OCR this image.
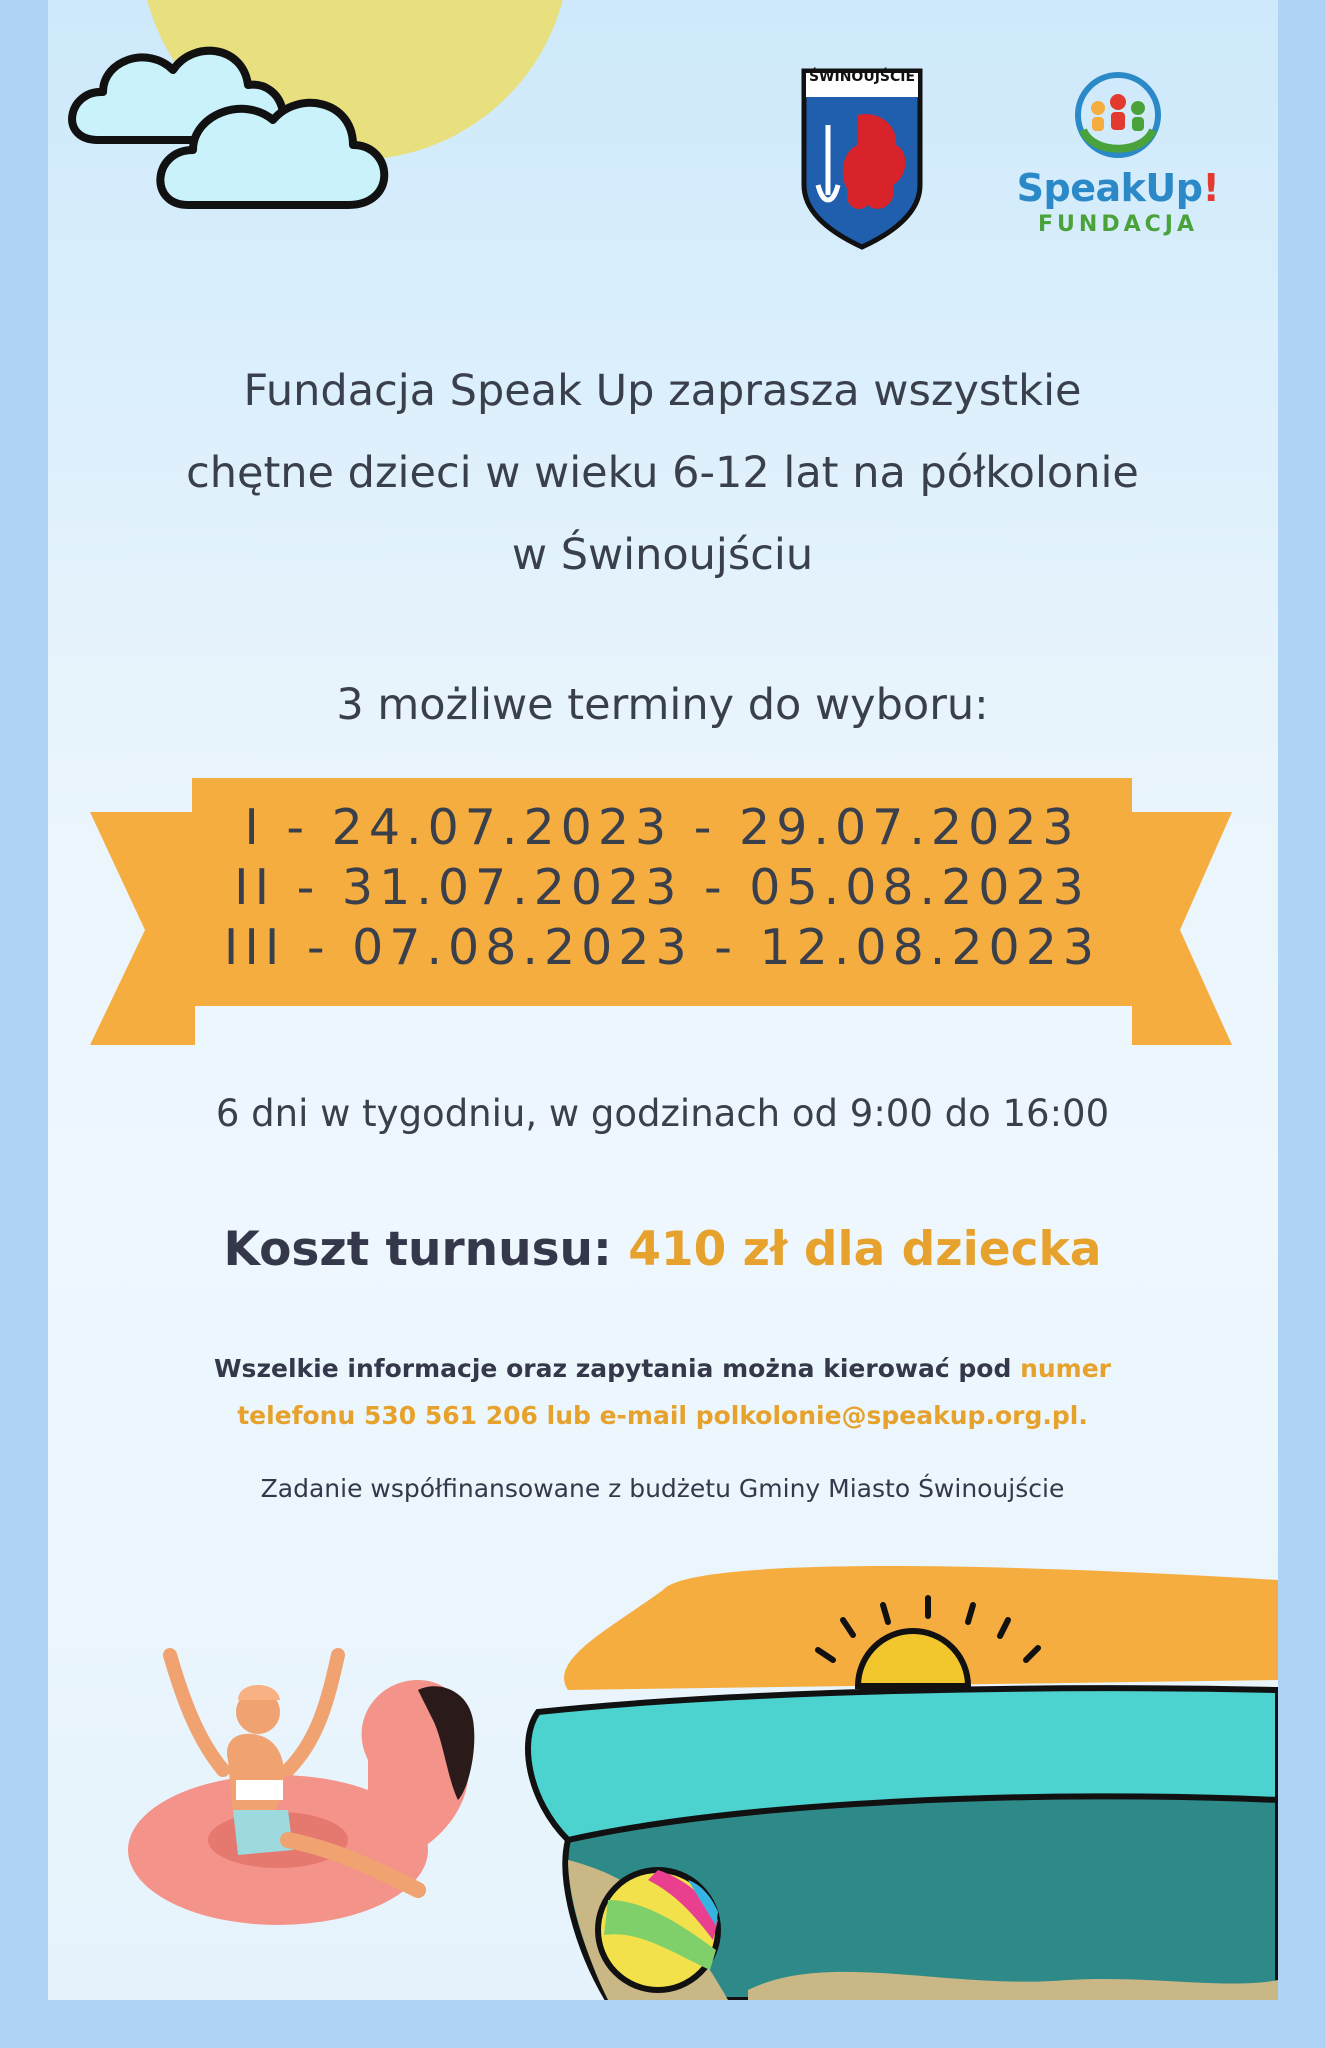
ŚWINOUJŚCIE
SpeakUp!
FUNDACJA
Fundacja Speak Up zaprasza wszystkie
chętne dzieci w wieku 6-12 lat na półkolonie
w Świnoujściu
3 możliwe terminy do wyboru:
I - 24.07.2023 - 29.07.2023
II - 31.07.2023 - 05.08.2023
III - 07.08.2023 - 12.08.2023
6 dni w tygodniu, w godzinach od 9:00 do 16:00
Koszt turnusu: 410 zł dla dziecka
Wszelkie informacje oraz zapytania można kierować pod numer
telefonu 530 561 206 lub e-mail polkolonie@speakup.org.pl.
Zadanie współfinansowane z budżetu Gminy Miasto Świnoujście
